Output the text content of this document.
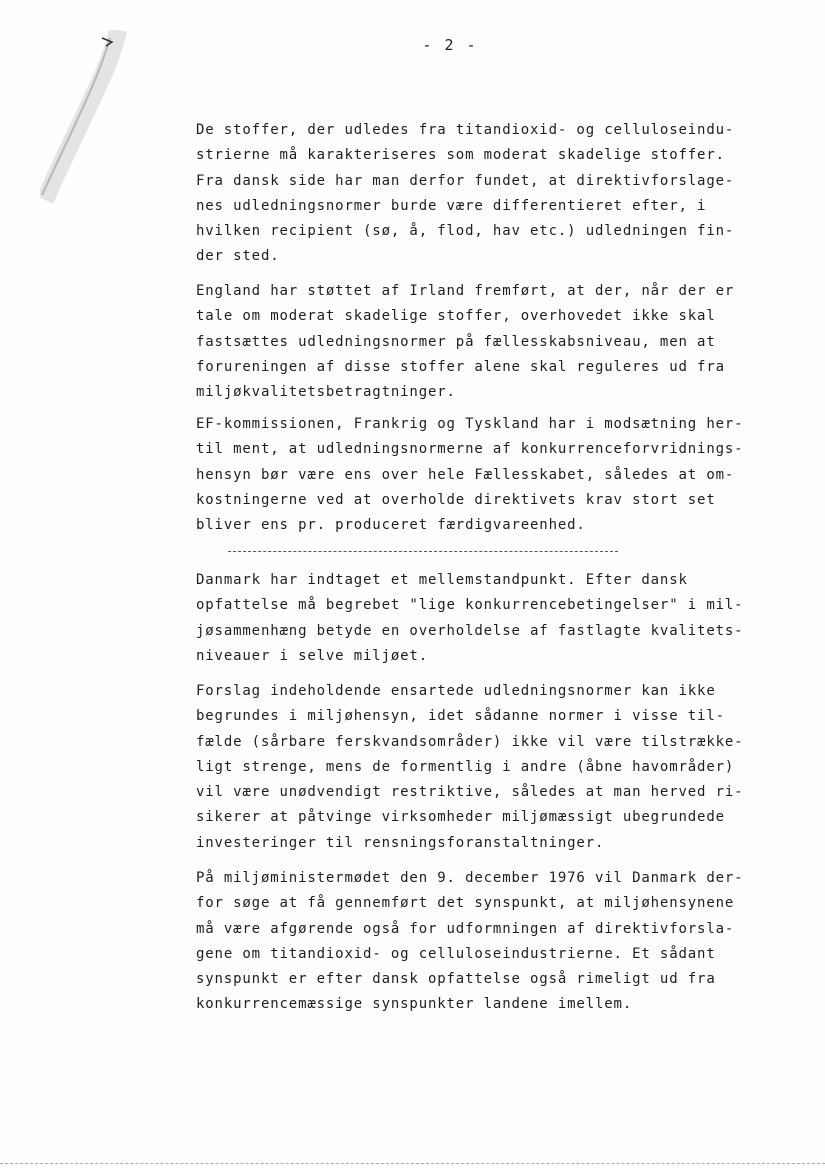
- 2 -
De stoffer, der udledes fra titandioxid- og celluloseindu-
strierne må karakteriseres som moderat skadelige stoffer.
Fra dansk side har man derfor fundet, at direktivforslage-
nes udledningsnormer burde være differentieret efter, i
hvilken recipient (sø, å, flod, hav etc.) udledningen fin-
der sted.
England har støttet af Irland fremført, at der, når der er
tale om moderat skadelige stoffer, overhovedet ikke skal
fastsættes udledningsnormer på fællesskabsniveau, men at
forureningen af disse stoffer alene skal reguleres ud fra
miljøkvalitetsbetragtninger.
EF-kommissionen, Frankrig og Tyskland har i modsætning her-
til ment, at udledningsnormerne af konkurrenceforvridnings-
hensyn bør være ens over hele Fællesskabet, således at om-
kostningerne ved at overholde direktivets krav stort set
bliver ens pr. produceret færdigvareenhed.
Danmark har indtaget et mellemstandpunkt. Efter dansk
opfattelse må begrebet "lige konkurrencebetingelser" i mil-
jøsammenhæng betyde en overholdelse af fastlagte kvalitets-
niveauer i selve miljøet.
Forslag indeholdende ensartede udledningsnormer kan ikke
begrundes i miljøhensyn, idet sådanne normer i visse til-
fælde (sårbare ferskvandsområder) ikke vil være tilstrække-
ligt strenge, mens de formentlig i andre (åbne havområder)
vil være unødvendigt restriktive, således at man herved ri-
sikerer at påtvinge virksomheder miljømæssigt ubegrundede
investeringer til rensningsforanstaltninger.
På miljøministermødet den 9. december 1976 vil Danmark der-
for søge at få gennemført det synspunkt, at miljøhensynene
må være afgørende også for udformningen af direktivforsla-
gene om titandioxid- og celluloseindustrierne. Et sådant
synspunkt er efter dansk opfattelse også rimeligt ud fra
konkurrencemæssige synspunkter landene imellem.
